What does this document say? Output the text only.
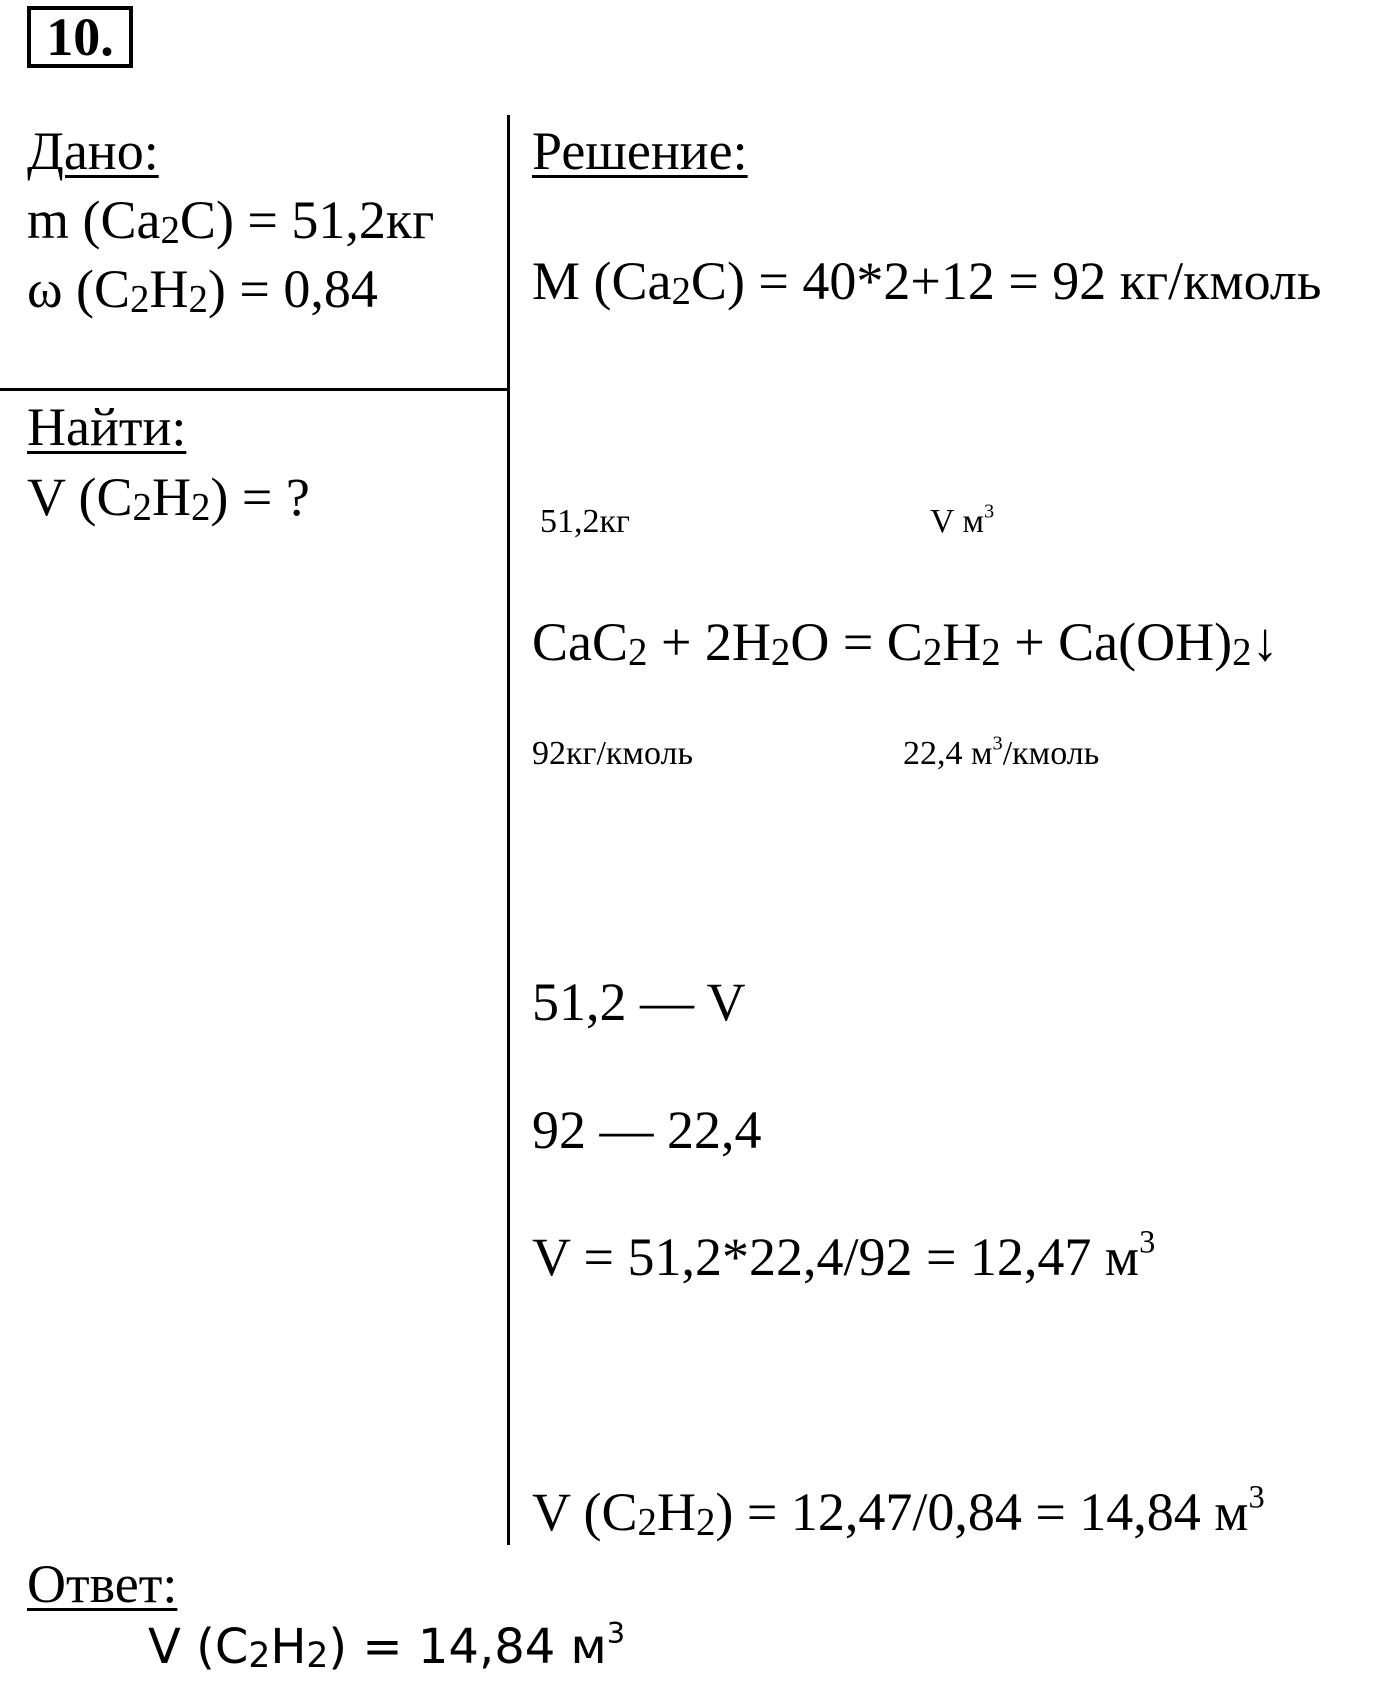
10.
Дано:
m $(Ca_2C) = 51,2кг$
ω $(C_2H_2) = 0,84$
Найти:
V $(C_2H_2)$ = ?
Решение:
M $(Ca_2C) = 40*2+12 = 92$ кг/кмоль
51,2кг	V $м^3$
$CaC_2 + 2H_2O = C_2H_2$ + $Ca(OH)_2↓$
92кг/кмоль	22,4 $м^3$/кмоль
51,2 — V
92 — 22,4
V = 51,2*22,4/92 = 12,47 $м^3$
V $(C_2H_2) = 12,47/0,84 = 14,84$ $м^3$
Ответ:
V $(C_2H_2) = 14,84$ $м^3$
